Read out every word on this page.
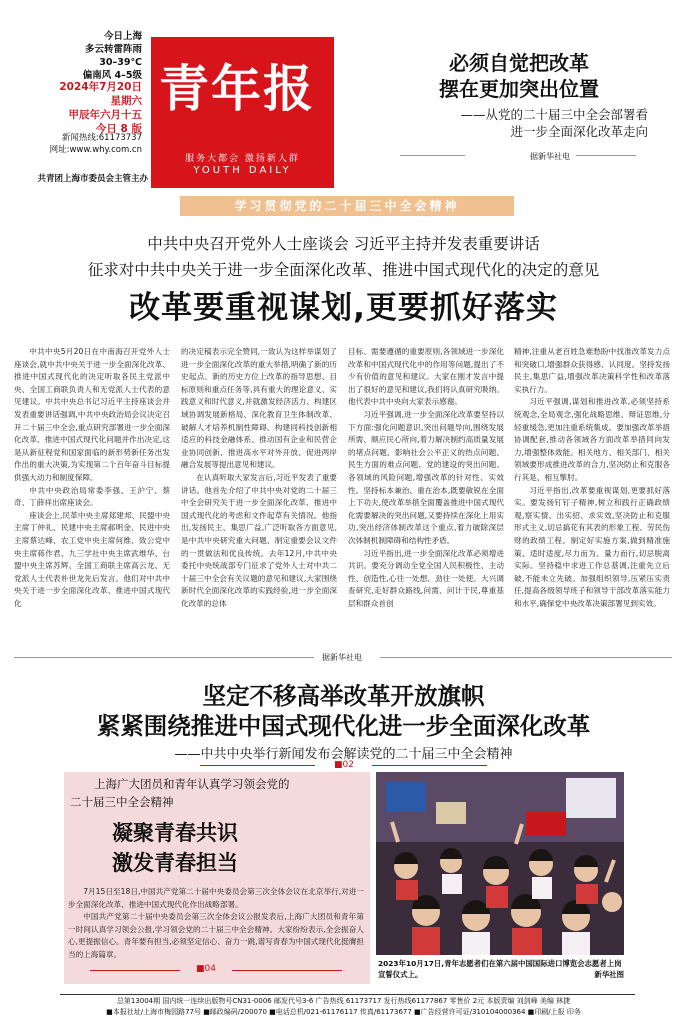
今日上海
多云转雷阵雨 30–39℃
偏南风 4–5级
2024年7月20日
星期六
甲辰年六月十五
今日 8 版
新闻热线:61173737
网址:www.why.com.cn
共青团上海市委员会主管主办
青年报
服务大都会 激扬新人群
YOUTH DAILY
必须自觉把改革
摆在更加突出位置
——从党的二十届三中全会部署看
进一步全面深化改革走向
据新华社电
学习贯彻党的二十届三中全会精神
中共中央召开党外人士座谈会 习近平主持并发表重要讲话
征求对中共中央关于进一步全面深化改革、推进中国式现代化的决定的意见
改革要重视谋划,更要抓好落实

中共中央5月20日在中南海召开党外人士座谈会,就中共中央关于进一步全面深化改革、推进中国式现代化的决定听取各民主党派中央、全国工商联负责人和无党派人士代表的意见建议。中共中央总书记习近平主持座谈会并发表重要讲话强调,中共中央政治局会议决定召开二十届三中全会,重点研究部署进一步全面深化改革、推进中国式现代化问题并作出决定,这是从新征程党和国家面临的新形势新任务出发作出的重大决策,为实现第二个百年奋斗目标提供强大动力和制度保障。

中共中央政治局常委李强、王沪宁、蔡奇、丁薛祥出席座谈会。

座谈会上,民革中央主席郑建邦、民盟中央主席丁仲礼、民建中央主席郝明金、民进中央主席蔡达峰、农工党中央主席何维、致公党中央主席蒋作君、九三学社中央主席武维华、台盟中央主席苏辉、全国工商联主席高云龙、无党派人士代表朴世龙先后发言。他们对中共中央关于进一步全面深化改革、推进中国式现代化

的决定稿表示完全赞同,一致认为这样举谋划了进一步全面深化改革的重大举措,明确了新的历史起点、新的历史方位上改革的指导思想、目标原则和重点任务等,具有重大的理论意义、实践意义和时代意义,并就激发经济活力、构建区域协调发展新格局、深化教育卫生体制改革、破解人才培养机制性障碍、构建同科技创新相适应的科技金融体系、推动国有企业和民营企业协同创新、推进高水平对外开放、促进两岸融合发展等提出意见和建议。

在认真听取大家发言后,习近平发表了重要讲话。他首先介绍了中共中央对党的二十届三中全会研究关于进一步全面深化改革、推进中国式现代化的考虑和文件起草有关情况。他指出,发扬民主、集思广益,广泛听取各方面意见,是中共中央研究重大问题、制定重要会议文件的一贯做法和优良传统。去年12月,中共中央委托中央统战部专门征求了党外人士对中共二十届三中全会有关议题的意见和建议,大家围绕新时代全面深化改革的实践经验,进一步全面深化改革的总体

目标、需要遵循的重要原则,各领域进一步深化改革和中国式现代化中的作用等问题,提出了不少有价值的意见和建议。大家在刚才发言中提出了很好的意见和建议,我们将认真研究吸纳。他代表中共中央向大家表示感谢。

习近平强调,进一步全面深化改革要坚持以下方面:强化问题意识,突出问题导向,围绕发展所需、顺应民心所向,着力解决制约高质量发展的堵点问题、影响社会公平正义的热点问题、民生方面的难点问题、党的建设的突出问题、各领域的风险问题,增强改革的针对性、实效性。坚持标本兼治、重在治本,既要敏锐在全面上下功夫,使改革举措全面覆盖推进中国式现代化需要解决的突出问题,又要持续在深化上用实功,突出经济体制改革这个重点,着力破除深层次体制机制障碍和结构性矛盾。

习近平指出,进一步全面深化改革必须增进共识。要充分调动全党全国人民积极性、主动性、创造性,心往一处想、劲往一处使。大兴调查研究,走好群众路线,问需、问计于民,尊重基层和群众首创

精神,注重从老百姓急难愁盼中找准改革发力点和突破口,增强群众获得感、认同度。坚持发扬民主,集思广益,增强改革决策科学性和改革落实执行力。

习近平强调,谋划和推进改革,必须坚持系统观念,全局观念,强化战略思维、辩证思维,分轻重缓急,更加注重系统集成。要加强改革举措协调配套,推动各领域各方面改革举措同向发力,增强整体效能。相关地方、相关部门、相关领域要形成推进改革的合力,坚决防止和克服各行其是、相互掣肘。

习近平指出,改革要重视谋划,更要抓好落实。要发扬钉钉子精神,树立和践行正确政绩观,察实情、出实招、求实效,坚决防止和克服形式主义,切忌搞花有其表的形象工程、劳民伤财的政绩工程。制定好实施方案,做到精准施策、适时适度,尽力而为、量力而行,切忌脱离实际。坚持稳中求进工作总基调,注重先立后破,不能未立先破。加强组织领导,压紧压实责任,提高各级领导班子和领导干部改革落实能力和水平,确保党中央改革决策部署见到实效。

据新华社电
坚定不移高举改革开放旗帜
紧紧围绕推进中国式现代化进一步全面深化改革
——中共中央举行新闻发布会解读党的二十届三中全会精神
■02
上海广大团员和青年认真学习领会党的
二十届三中全会精神
凝聚青春共识
激发青春担当

7月15日至18日,中国共产党第二十届中央委员会第三次全体会议在北京举行,对进一步全面深化改革、推进中国式现代化作出战略部署。

中国共产党第二十届中央委员会第三次全体会议公报发表后,上海广大团员和青年第一时间认真学习领会公报,学习领会党的二十届三中全会精神。大家纷纷表示,全会振奋人心,更提振信心。青年要有担当,必须坚定信心、奋力一跳,谱写青春为中国式现代化挺膺担当的上海篇章。

■04
2023年10月17日,青年志愿者们在第六届中国国际进口博览会志愿者上岗宣誓仪式上。	新华社图
总第13004期 国内统一连续出版物号CN31-0006 邮发代号3-6 广告热线 61173717 发行热线61177867 零售价 2元 本版责编 刘剑峰 美编 林捷
■本报社址/上海市梅园路77号 ■邮政编码/200070 ■电话总机/021-61176117 传真/61173677 ■广告经营许可证/310104000364 ■印刷/上报 印务
